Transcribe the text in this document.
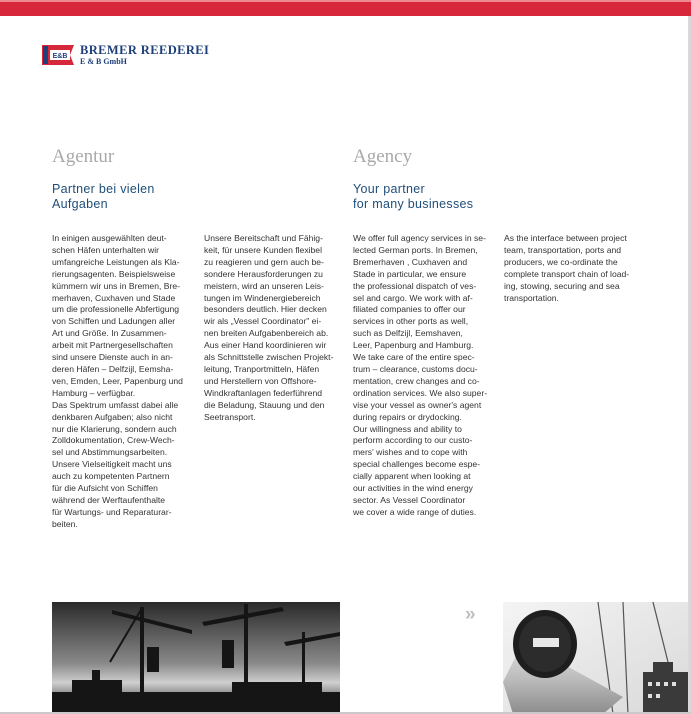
E&B BREMER REEDEREI
E & B GmbH
Agentur
Partner bei vielen
Aufgaben

In einigen ausgewählten deut-

schen Häfen unterhalten wir

umfangreiche Leistungen als Kla-

rierungsagenten. Beispielsweise

kümmern wir uns in Bremen, Bre-

merhaven, Cuxhaven und Stade

um die professionelle Abfertigung

von Schiffen und Ladungen aller

Art und Größe. In Zusammen-

arbeit mit Partnergesellschaften

sind unsere Dienste auch in an-

deren Häfen – Delfzijl, Eemsha-

ven, Emden, Leer, Papenburg und

Hamburg – verfügbar.

Das Spektrum umfasst dabei alle

denkbaren Aufgaben; also nicht

nur die Klarierung, sondern auch

Zolldokumentation, Crew-Wech-

sel und Abstimmungsarbeiten.

Unsere Vielseitigkeit macht uns

auch zu kompetenten Partnern

für die Aufsicht von Schiffen

während der Werftaufenthalte

für Wartungs- und Reparaturar-

beiten.

Unsere Bereitschaft und Fähig-

keit, für unsere Kunden flexibel

zu reagieren und gern auch be-

sondere Herausforderungen zu

meistern, wird an unseren Leis-

tungen im Windenergiebereich

besonders deutlich. Hier decken

wir als „Vessel Coordinator" ei-

nen breiten Aufgabenbereich ab.

Aus einer Hand koordinieren wir

als Schnittstelle zwischen Projekt-

leitung, Tranportmitteln, Häfen

und Herstellern von Offshore-

Windkraftanlagen federführend

die Beladung, Stauung und den

Seetransport.

Agency
Your partner
for many businesses

We offer full agency services in se-

lected German ports. In Bremen,

Bremerhaven , Cuxhaven and

Stade in particular, we ensure

the professional dispatch of ves-

sel and cargo. We work with af-

filiated companies to offer our

services in other ports as well,

such as Delfzijl, Eemshaven,

Leer, Papenburg and Hamburg.

We take care of the entire spec-

trum – clearance, customs docu-

mentation, crew changes and co-

ordination services. We also super-

vise your vessel as owner's agent

during repairs or drydocking.

Our willingness and ability to

perform according to our custo-

mers' wishes and to cope with

special challenges become espe-

cially apparent when looking at

our activities in the wind energy

sector. As Vessel Coordinator

we cover a wide range of duties.

As the interface between project

team, transportation, ports and

producers, we co-ordinate the

complete transport chain of load-

ing, stowing, securing and sea

transportation.

»
